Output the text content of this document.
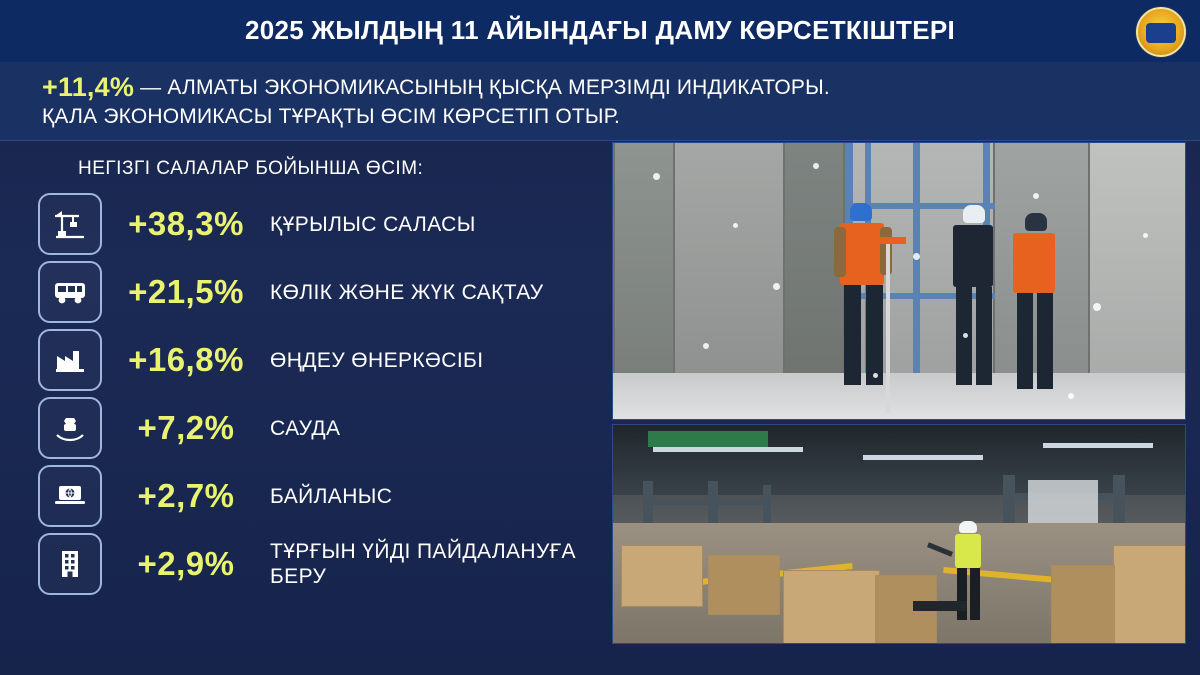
2025 ЖЫЛДЫҢ 11 АЙЫНДАҒЫ ДАМУ КӨРСЕТКІШТЕРІ
+11,4% — АЛМАТЫ ЭКОНОМИКАСЫНЫҢ ҚЫСҚА МЕРЗІМДІ ИНДИКАТОРЫ.
ҚАЛА ЭКОНОМИКАСЫ ТҰРАҚТЫ ӨСІМ КӨРСЕТІП ОТЫР.
НЕГІЗГІ САЛАЛАР БОЙЫНША ӨСІМ:
+38,3%	ҚҰРЫЛЫС САЛАСЫ
+21,5%	КӨЛІК ЖӘНЕ ЖҮК САҚТАУ
+16,8%	ӨҢДЕУ ӨНЕРКӘСІБІ
+7,2%	САУДА
+2,7%	БАЙЛАНЫС
+2,9%	ТҰРҒЫН ҮЙДІ ПАЙДАЛАНУҒА БЕРУ
